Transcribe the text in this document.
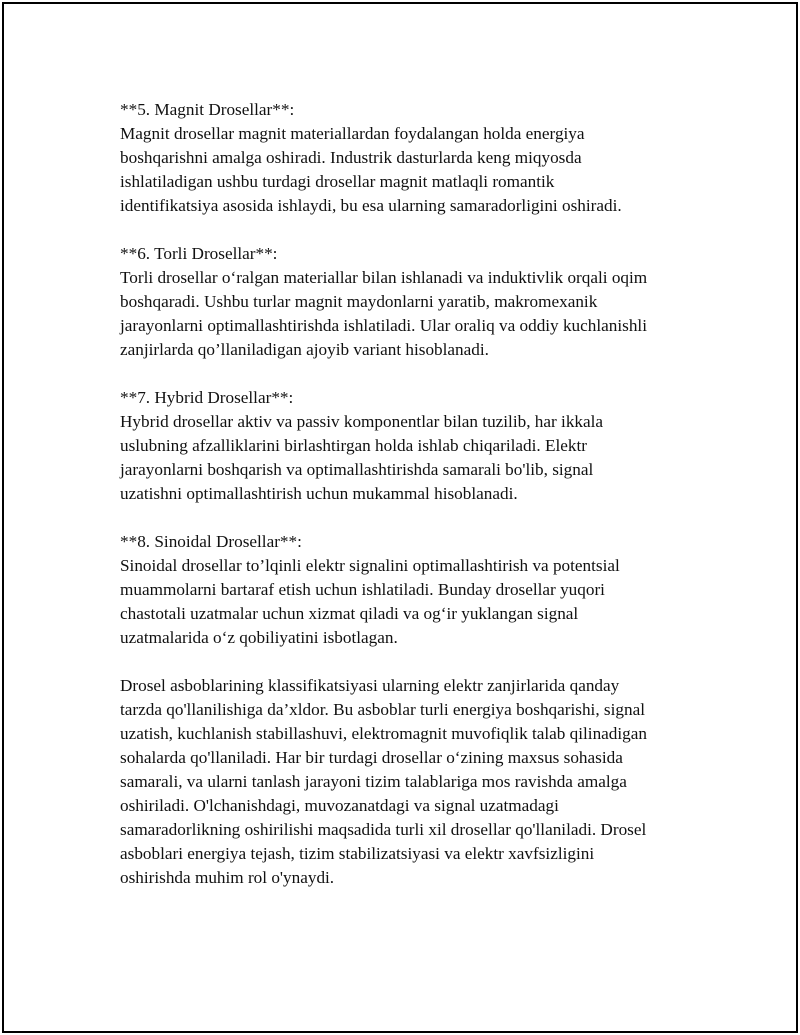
**5. Magnit Drosellar**:
Magnit drosellar magnit materiallardan foydalangan holda energiya
boshqarishni amalga oshiradi. Industrik dasturlarda keng miqyosda
ishlatiladigan ushbu turdagi drosellar magnit matlaqli romantik
identifikatsiya asosida ishlaydi, bu esa ularning samaradorligini oshiradi.
**6. Torli Drosellar**:
Torli drosellar o‘ralgan materiallar bilan ishlanadi va induktivlik orqali oqim
boshqaradi. Ushbu turlar magnit maydonlarni yaratib, makromexanik
jarayonlarni optimallashtirishda ishlatiladi. Ular oraliq va oddiy kuchlanishli
zanjirlarda qo’llaniladigan ajoyib variant hisoblanadi.
**7. Hybrid Drosellar**:
Hybrid drosellar aktiv va passiv komponentlar bilan tuzilib, har ikkala
uslubning afzalliklarini birlashtirgan holda ishlab chiqariladi. Elektr
jarayonlarni boshqarish va optimallashtirishda samarali bo'lib, signal
uzatishni optimallashtirish uchun mukammal hisoblanadi.
**8. Sinoidal Drosellar**:
Sinoidal drosellar to’lqinli elektr signalini optimallashtirish va potentsial
muammolarni bartaraf etish uchun ishlatiladi. Bunday drosellar yuqori
chastotali uzatmalar uchun xizmat qiladi va og‘ir yuklangan signal
uzatmalarida o‘z qobiliyatini isbotlagan.
Drosel asboblarining klassifikatsiyasi ularning elektr zanjirlarida qanday
tarzda qo'llanilishiga da’xldor. Bu asboblar turli energiya boshqarishi, signal
uzatish, kuchlanish stabillashuvi, elektromagnit muvofiqlik talab qilinadigan
sohalarda qo'llaniladi. Har bir turdagi drosellar o‘zining maxsus sohasida
samarali, va ularni tanlash jarayoni tizim talablariga mos ravishda amalga
oshiriladi. O'lchanishdagi, muvozanatdagi va signal uzatmadagi
samaradorlikning oshirilishi maqsadida turli xil drosellar qo'llaniladi. Drosel
asboblari energiya tejash, tizim stabilizatsiyasi va elektr xavfsizligini
oshirishda muhim rol o'ynaydi.
